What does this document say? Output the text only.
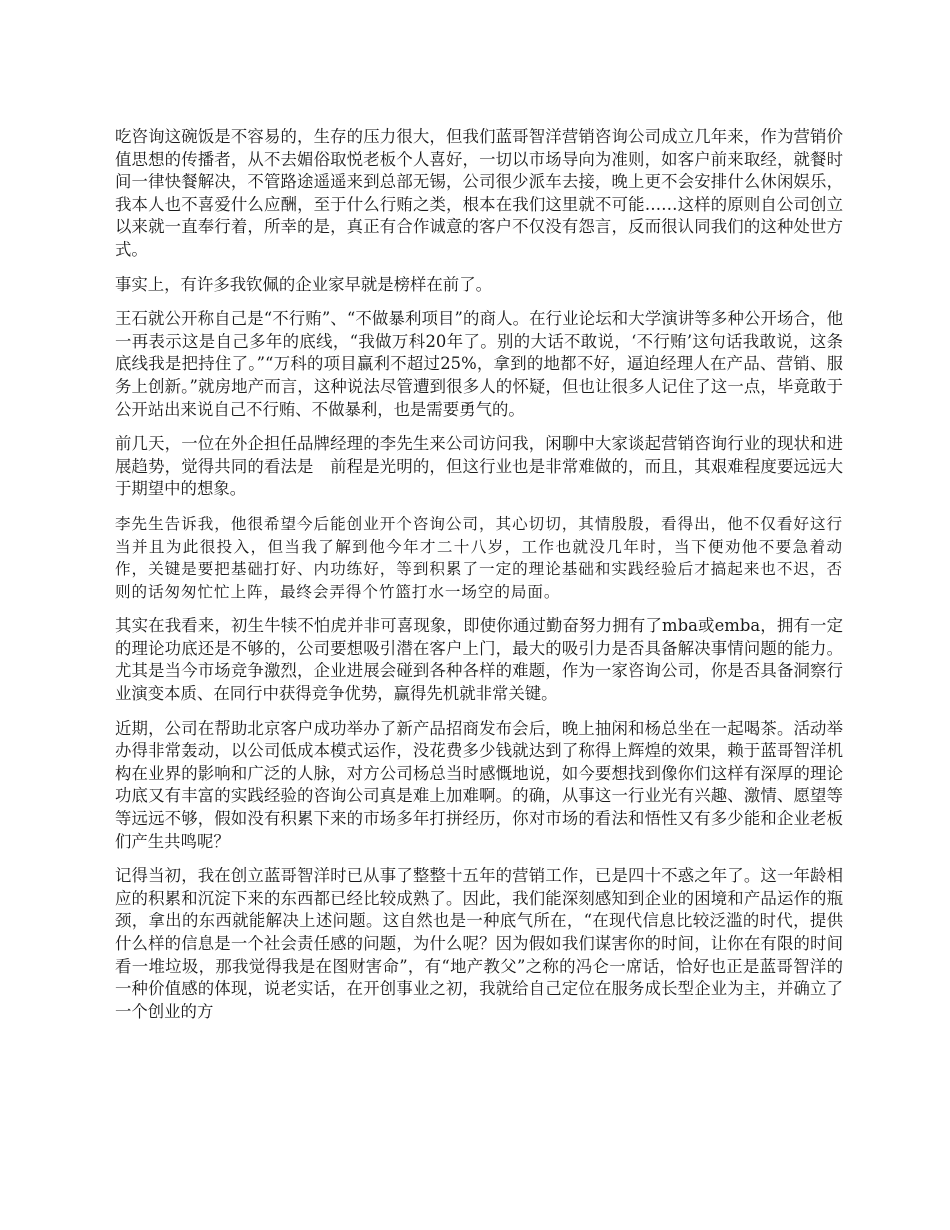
吃咨询这碗饭是不容易的，生存的压力很大，但我们蓝哥智洋营销咨询公司成立几年来，作为营销价值思想的传播者，从不去媚俗取悦老板个人喜好，一切以市场导向为准则，如客户前来取经，就餐时间一律快餐解决，不管路途遥遥来到总部无锡，公司很少派车去接，晚上更不会安排什么休闲娱乐，我本人也不喜爱什么应酬，至于什么行贿之类，根本在我们这里就不可能……这样的原则自公司创立以来就一直奉行着，所幸的是，真正有合作诚意的客户不仅没有怨言，反而很认同我们的这种处世方式。

事实上，有许多我钦佩的企业家早就是榜样在前了。

王石就公开称自己是“不行贿”、“不做暴利项目”的商人。在行业论坛和大学演讲等多种公开场合，他一再表示这是自己多年的底线，“我做万科20年了。别的大话不敢说，‘不行贿’这句话我敢说，这条底线我是把持住了。”“万科的项目赢利不超过25%，拿到的地都不好，逼迫经理人在产品、营销、服务上创新。”就房地产而言，这种说法尽管遭到很多人的怀疑，但也让很多人记住了这一点，毕竟敢于公开站出来说自己不行贿、不做暴利，也是需要勇气的。

前几天，一位在外企担任品牌经理的李先生来公司访问我，闲聊中大家谈起营销咨询行业的现状和进展趋势，觉得共同的看法是　前程是光明的，但这行业也是非常难做的，而且，其艰难程度要远远大于期望中的想象。

李先生告诉我，他很希望今后能创业开个咨询公司，其心切切，其情殷殷，看得出，他不仅看好这行当并且为此很投入，但当我了解到他今年才二十八岁，工作也就没几年时，当下便劝他不要急着动作，关键是要把基础打好、内功练好，等到积累了一定的理论基础和实践经验后才搞起来也不迟，否则的话匆匆忙忙上阵，最终会弄得个竹篮打水一场空的局面。

其实在我看来，初生牛犊不怕虎并非可喜现象，即使你通过勤奋努力拥有了mba或emba，拥有一定的理论功底还是不够的，公司要想吸引潜在客户上门，最大的吸引力是否具备解决事情问题的能力。尤其是当今市场竞争激烈，企业进展会碰到各种各样的难题，作为一家咨询公司，你是否具备洞察行业演变本质、在同行中获得竞争优势，赢得先机就非常关键。

近期，公司在帮助北京客户成功举办了新产品招商发布会后，晚上抽闲和杨总坐在一起喝茶。活动举办得非常轰动，以公司低成本模式运作，没花费多少钱就达到了称得上辉煌的效果，赖于蓝哥智洋机构在业界的影响和广泛的人脉，对方公司杨总当时感慨地说，如今要想找到像你们这样有深厚的理论功底又有丰富的实践经验的咨询公司真是难上加难啊。的确，从事这一行业光有兴趣、激情、愿望等等远远不够，假如没有积累下来的市场多年打拼经历，你对市场的看法和悟性又有多少能和企业老板们产生共鸣呢？

记得当初，我在创立蓝哥智洋时已从事了整整十五年的营销工作，已是四十不惑之年了。这一年龄相应的积累和沉淀下来的东西都已经比较成熟了。因此，我们能深刻感知到企业的困境和产品运作的瓶颈，拿出的东西就能解决上述问题。这自然也是一种底气所在，“在现代信息比较泛滥的时代，提供什么样的信息是一个社会责任感的问题，为什么呢？因为假如我们谋害你的时间，让你在有限的时间看一堆垃圾，那我觉得我是在图财害命”，有“地产教父”之称的冯仑一席话，恰好也正是蓝哥智洋的一种价值感的体现，说老实话，在开创事业之初，我就给自己定位在服务成长型企业为主，并确立了一个创业的方
